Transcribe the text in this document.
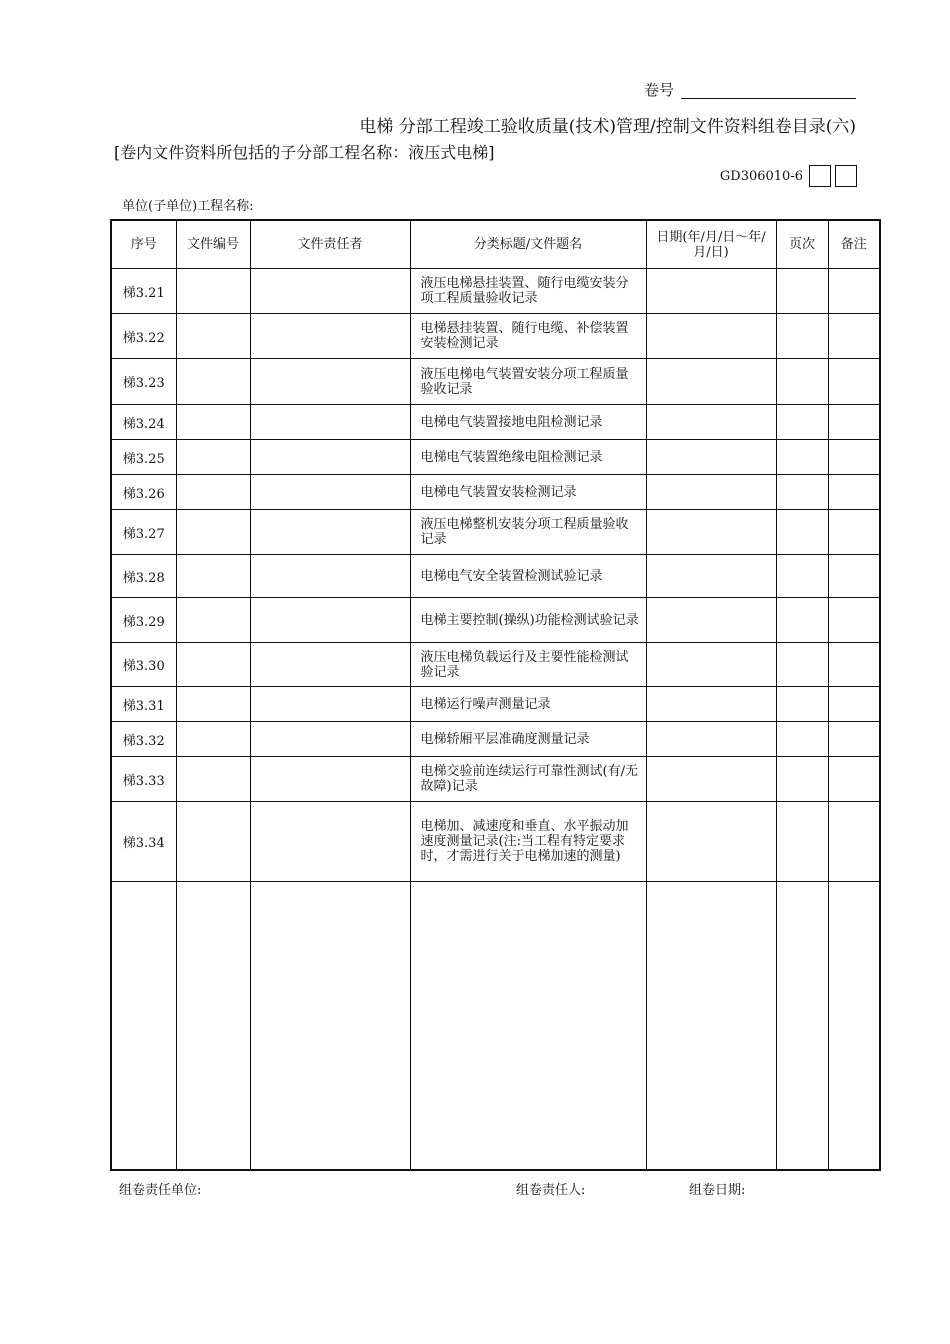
卷号
电梯 分部工程竣工验收质量(技术)管理/控制文件资料组卷目录(六)
[卷内文件资料所包括的子分部工程名称：液压式电梯]
GD306010-6
单位(子单位)工程名称:
序号	文件编号	文件责任者	分类标题/文件题名	日期(年/月/日～年/月/日)	页次	备注
梯3.21			液压电梯悬挂装置、随行电缆安装分项工程质量验收记录			
梯3.22			电梯悬挂装置、随行电缆、补偿装置安装检测记录			
梯3.23			液压电梯电气装置安装分项工程质量验收记录			
梯3.24			电梯电气装置接地电阻检测记录			
梯3.25			电梯电气装置绝缘电阻检测记录			
梯3.26			电梯电气装置安装检测记录			
梯3.27			液压电梯整机安装分项工程质量验收记录			
梯3.28			电梯电气安全装置检测试验记录			
梯3.29			电梯主要控制(操纵)功能检测试验记录			
梯3.30			液压电梯负载运行及主要性能检测试验记录			
梯3.31			电梯运行噪声测量记录			
梯3.32			电梯轿厢平层准确度测量记录			
梯3.33			电梯交验前连续运行可靠性测试(有/无故障)记录			
梯3.34			电梯加、减速度和垂直、水平振动加速度测量记录(注:当工程有特定要求时，才需进行关于电梯加速的测量)			

组卷责任单位:	组卷责任人:	组卷日期:
